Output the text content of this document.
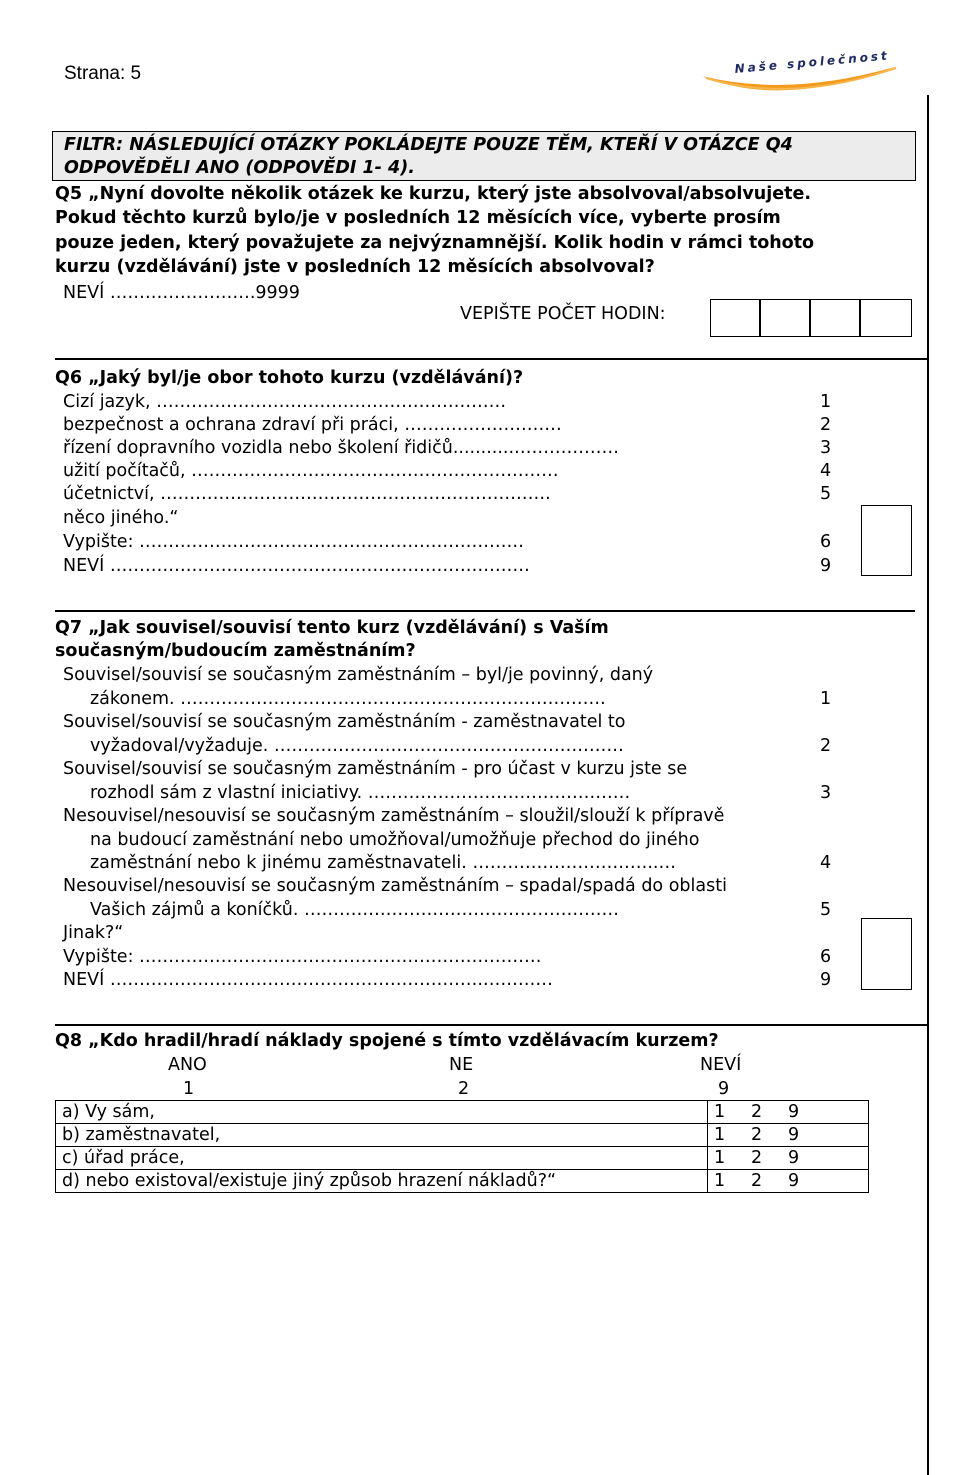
Strana: 5	Naše společnost
FILTR: NÁSLEDUJÍCÍ OTÁZKY POKLÁDEJTE POUZE TĚM, KTEŘÍ V OTÁZCE Q4
ODPOVĚDĚLI ANO (ODPOVĚDI 1- 4).
Q5 „Nyní dovolte několik otázek ke kurzu, který jste absolvoval/absolvujete.
Pokud těchto kurzů bylo/je v posledních 12 měsících více, vyberte prosím
pouze jeden, který považujete za nejvýznamnější. Kolik hodin v rámci tohoto
kurzu (vzdělávání) jste v posledních 12 měsících absolvoval?
NEVÍ …………………….9999
VEPIŠTE POČET HODIN:
Q6 „Jaký byl/je obor tohoto kurzu (vzdělávání)?
Cizí jazyk, ……………………………………………………	1
bezpečnost a ochrana zdraví při práci, ………………………	2
řízení dopravního vozidla nebo školení řidičů...........………………	3
užití počítačů, ………………………………………………………	4
účetnictví, ………………………………………………………….	5
něco jiného.“
Vypište: …………………………………………………………	6
NEVÍ ………………………………………………………………	9
Q7 „Jak souvisel/souvisí tento kurz (vzdělávání) s Vaším
současným/budoucím zaměstnáním?
Souvisel/souvisí se současným zaměstnáním – byl/je povinný, daný
zákonem. ……………………………………………………………….	1
Souvisel/souvisí se současným zaměstnáním - zaměstnavatel to
vyžadoval/vyžaduje. ……………………………………………………	2
Souvisel/souvisí se současným zaměstnáním - pro účast v kurzu jste se
rozhodl sám z vlastní iniciativy. ………………………………………	3
Nesouvisel/nesouvisí se současným zaměstnáním – sloužil/slouží k přípravě
na budoucí zaměstnání nebo umožňoval/umožňuje přechod do jiného
zaměstnání nebo k jinému zaměstnavateli. …………………………..…	4
Nesouvisel/nesouvisí se současným zaměstnáním – spadal/spadá do oblasti
Vašich zájmů a koníčků. ………………………………………………	5
Jinak?“
Vypište: ……………………………………………………………	6
NEVÍ ……………………………………………………….…………	9
Q8 „Kdo hradil/hradí náklady spojené s tímto vzdělávacím kurzem?
ANO	NE	NEVÍ
1	2	9
a) Vy sám,	1	2	9
b) zaměstnavatel,	1	2	9
c) úřad práce,	1	2	9
d) nebo existoval/existuje jiný způsob hrazení nákladů?“	1	2	9
